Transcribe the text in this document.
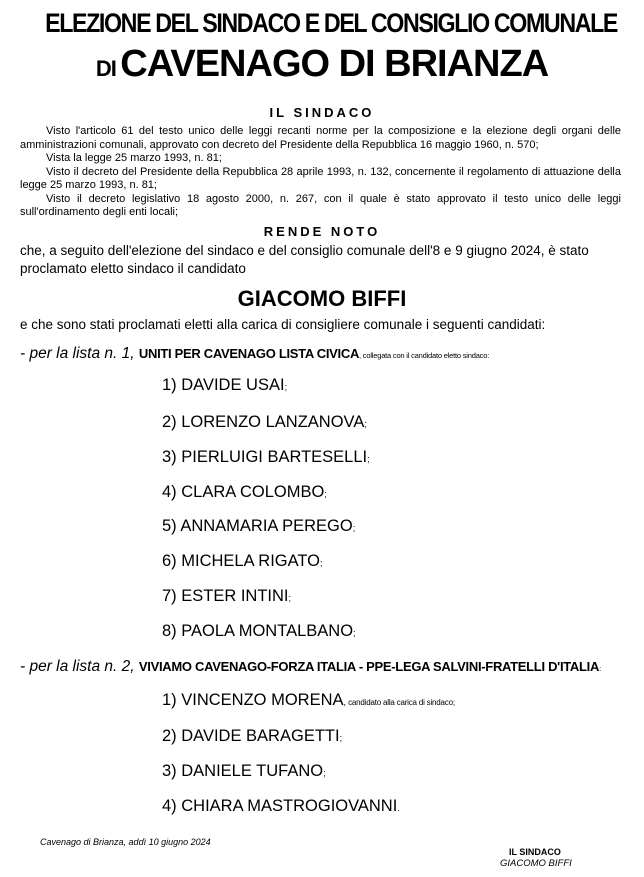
ELEZIONE DEL SINDACO E DEL CONSIGLIO COMUNALE
DI CAVENAGO DI BRIANZA
IL SINDACO

Visto l'articolo 61 del testo unico delle leggi recanti norme per la composizione e la elezione degli organi delle amministrazioni comunali, approvato con decreto del Presidente della Repubblica 16 maggio 1960, n. 570;

Vista la legge 25 marzo 1993, n. 81;

Visto il decreto del Presidente della Repubblica 28 aprile 1993, n. 132, concernente il regolamento di attuazione della legge 25 marzo 1993, n. 81;

Visto il decreto legislativo 18 agosto 2000, n. 267, con il quale è stato approvato il testo unico delle leggi sull'ordinamento degli enti locali;

RENDE NOTO
che, a seguito dell'elezione del sindaco e del consiglio comunale dell'8 e 9 giugno 2024, è stato proclamato eletto sindaco il candidato
GIACOMO BIFFI
e che sono stati proclamati eletti alla carica di consigliere comunale i seguenti candidati:
- per la lista n. 1, UNITI PER CAVENAGO LISTA CIVICA, collegata con il candidato eletto sindaco:
1) DAVIDE USAI;
2) LORENZO LANZANOVA;
3) PIERLUIGI BARTESELLI;
4) CLARA COLOMBO;
5) ANNAMARIA PEREGO;
6) MICHELA RIGATO;
7) ESTER INTINI;
8) PAOLA MONTALBANO;
- per la lista n. 2, VIVIAMO CAVENAGO-FORZA ITALIA - PPE-LEGA SALVINI-FRATELLI D'ITALIA:
1) VINCENZO MORENA, candidato alla carica di sindaco;
2) DAVIDE BARAGETTI;
3) DANIELE TUFANO;
4) CHIARA MASTROGIOVANNI.
Cavenago di Brianza, addì 10 giugno 2024
IL SINDACO
GIACOMO BIFFI
